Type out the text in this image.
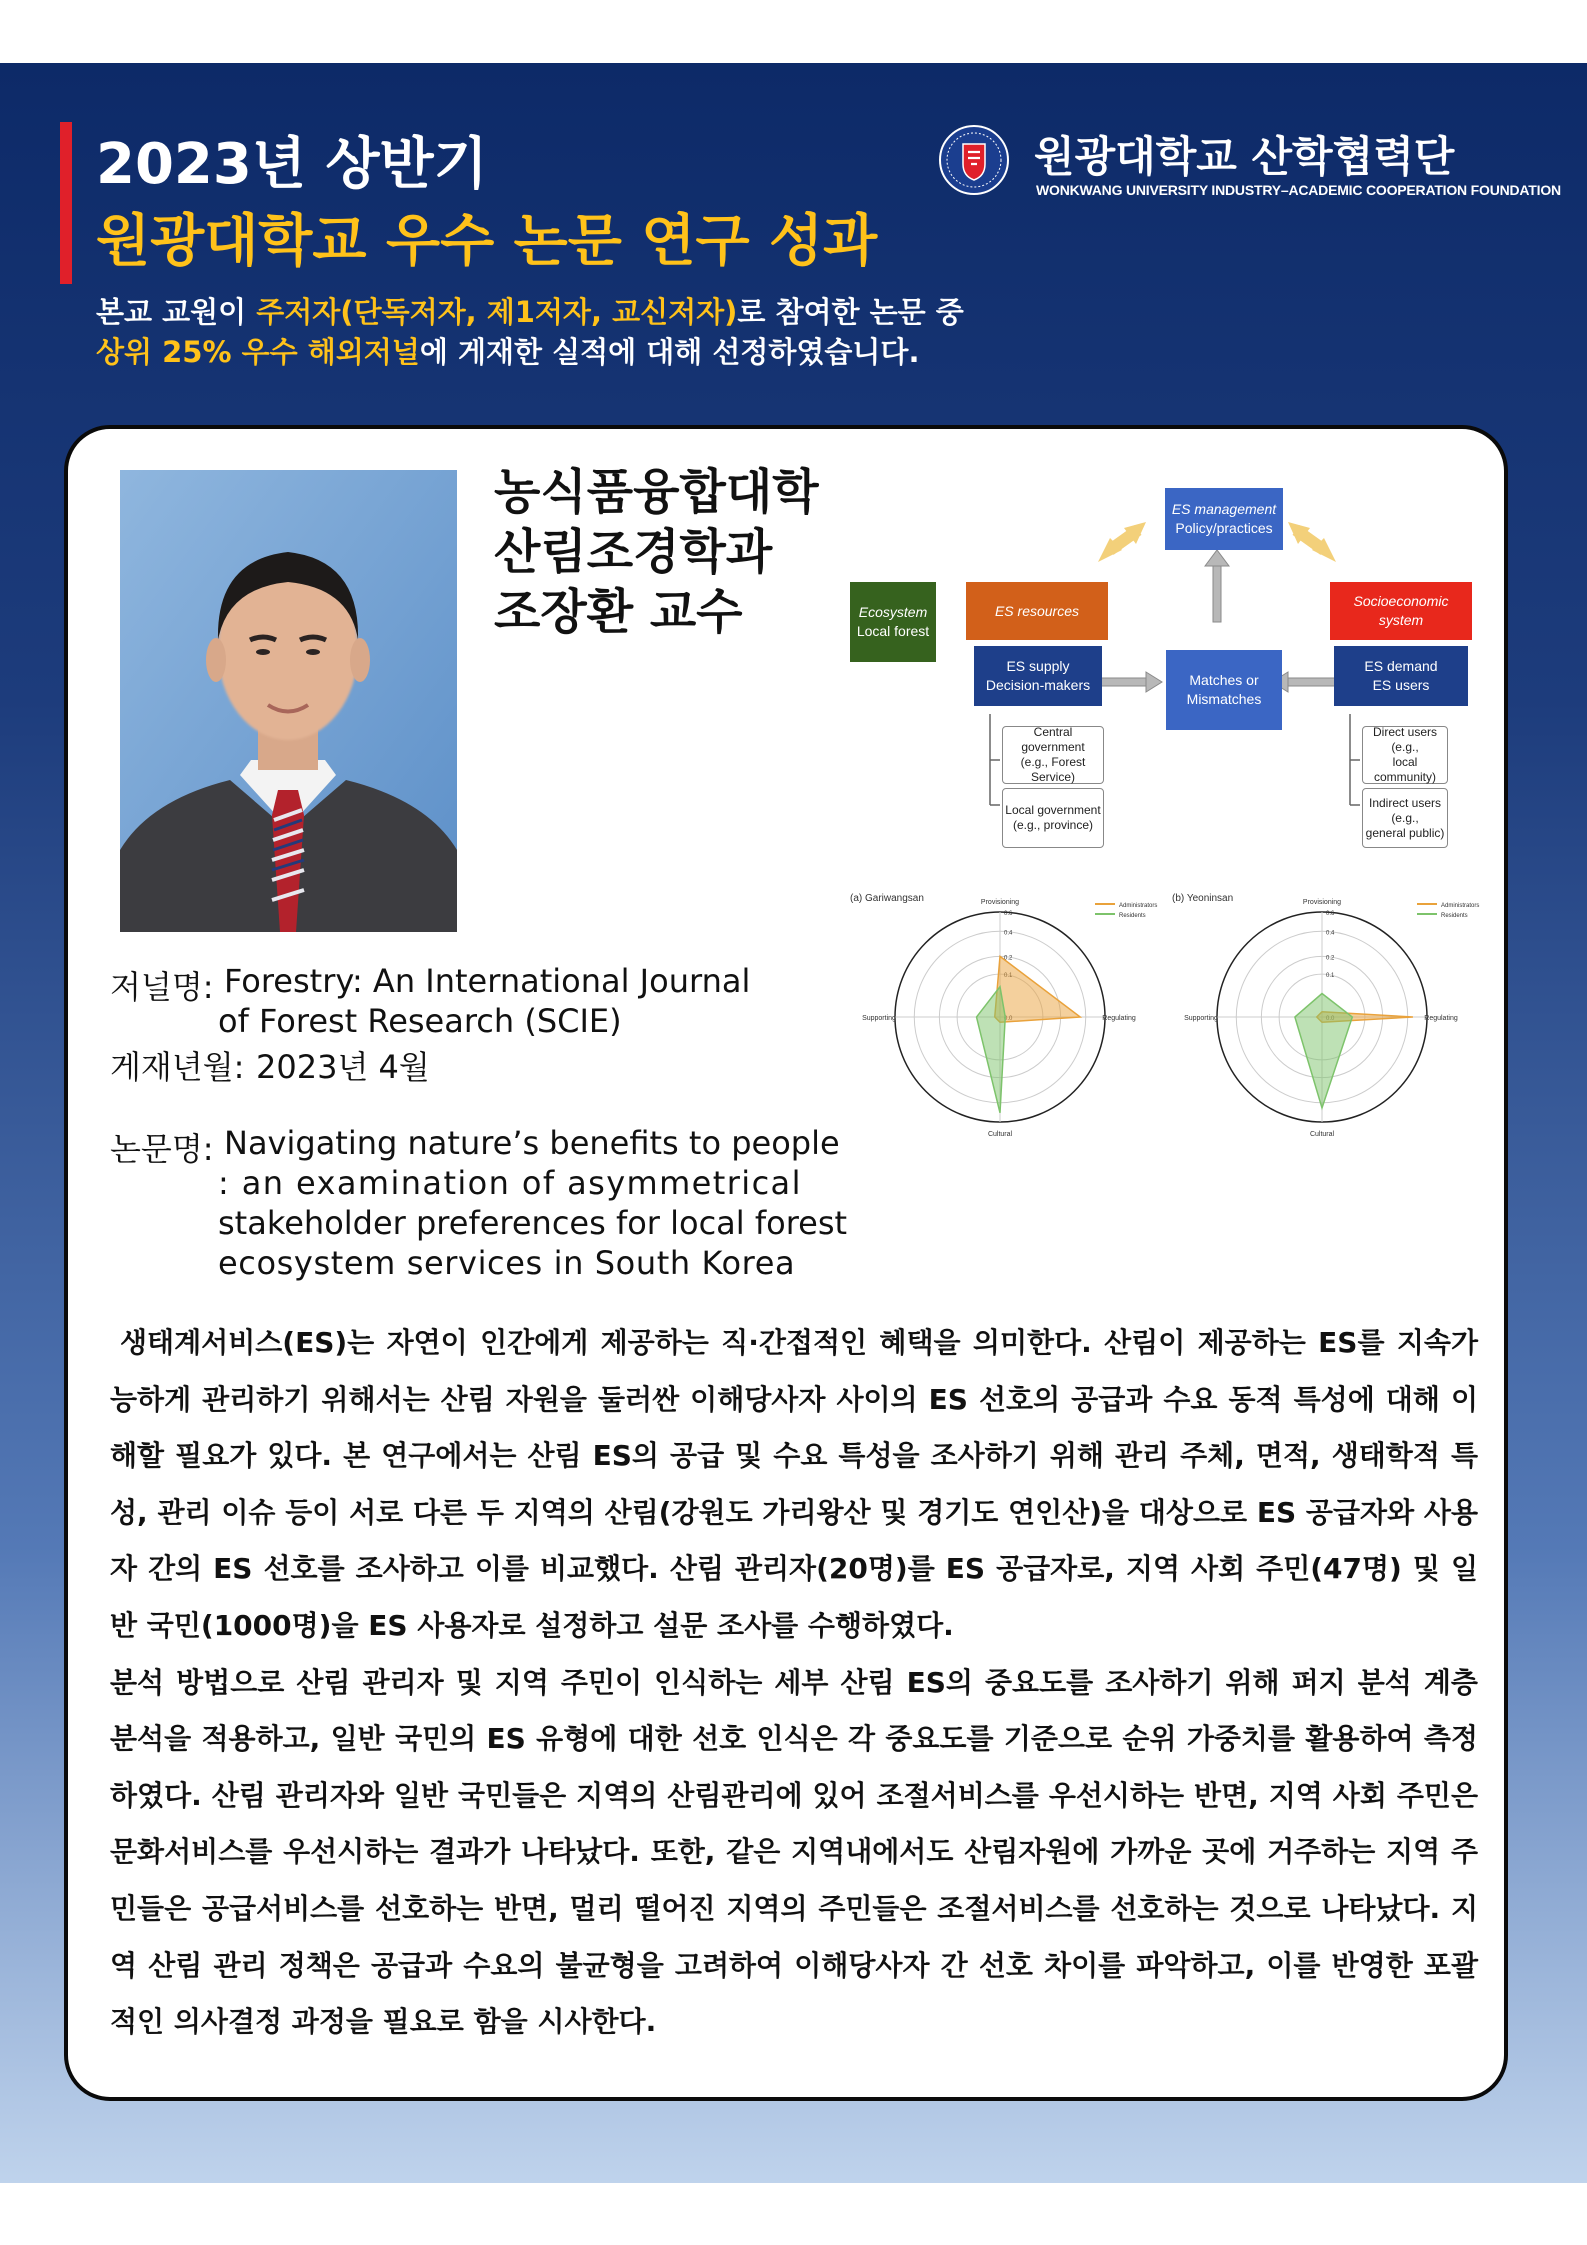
2023년 상반기
원광대학교 우수 논문 연구 성과
본교 교원이 주저자(단독저자, 제1저자, 교신저자)로 참여한 논문 중
상위 25% 우수 해외저널에 게재한 실적에 대해 선정하였습니다.
원광대학교 산학협력단
WONKWANG UNIVERSITY INDUSTRY–ACADEMIC COOPERATION FOUNDATION
농식품융합대학
산림조경학과
조장환 교수
ES management
Policy/practices
Ecosystem
Local forest
ES resources
ES supply
Decision-makers	Matches or
Mismatches
Socioeconomic system
ES demand
ES users
Central government
(e.g., Forest Service)
Local government
(e.g., province)
Direct users (e.g.,
local community)
Indirect users (e.g.,
general public)
(a) Gariwangsan	Provisioning
Regulating
Cultural
Supporting
0.6
0.4
0.2
Administrators
Residents
(b) Yeoninsan	Provisioning
Regulating
Cultural
Supporting
0.6
0.4
0.2
0.1
Administrators
Residents
저널명: Forestry: An International Journal
of Forest Research (SCIE)
게재년월: 2023년 4월
논문명: Navigating nature’s benefits to people
: an examination of asymmetrical
stakeholder preferences for local forest
ecosystem services in South Korea

생태계서비스(ES)는 자연이 인간에게 제공하는 직·간접적인 혜택을 의미한다. 산림이 제공하는 ES를 지속가능하게 관리하기 위해서는 산림 자원을 둘러싼 이해당사자 사이의 ES 선호의 공급과 수요 동적 특성에 대해 이해할 필요가 있다. 본 연구에서는 산림 ES의 공급 및 수요 특성을 조사하기 위해 관리 주체, 면적, 생태학적 특성, 관리 이슈 등이 서로 다른 두 지역의 산림(강원도 가리왕산 및 경기도 연인산)을 대상으로 ES 공급자와 사용자 간의 ES 선호를 조사하고 이를 비교했다. 산림 관리자(20명)를 ES 공급자로, 지역 사회 주민(47명) 및 일반 국민(1000명)을 ES 사용자로 설정하고 설문 조사를 수행하였다.

분석 방법으로 산림 관리자 및 지역 주민이 인식하는 세부 산림 ES의 중요도를 조사하기 위해 퍼지 분석 계층 분석을 적용하고, 일반 국민의 ES 유형에 대한 선호 인식은 각 중요도를 기준으로 순위 가중치를 활용하여 측정하였다. 산림 관리자와 일반 국민들은 지역의 산림관리에 있어 조절서비스를 우선시하는 반면, 지역 사회 주민은 문화서비스를 우선시하는 결과가 나타났다. 또한, 같은 지역내에서도 산림자원에 가까운 곳에 거주하는 지역 주민들은 공급서비스를 선호하는 반면, 멀리 떨어진 지역의 주민들은 조절서비스를 선호하는 것으로 나타났다. 지역 산림 관리 정책은 공급과 수요의 불균형을 고려하여 이해당사자 간 선호 차이를 파악하고, 이를 반영한 포괄적인 의사결정 과정을 필요로 함을 시사한다.
